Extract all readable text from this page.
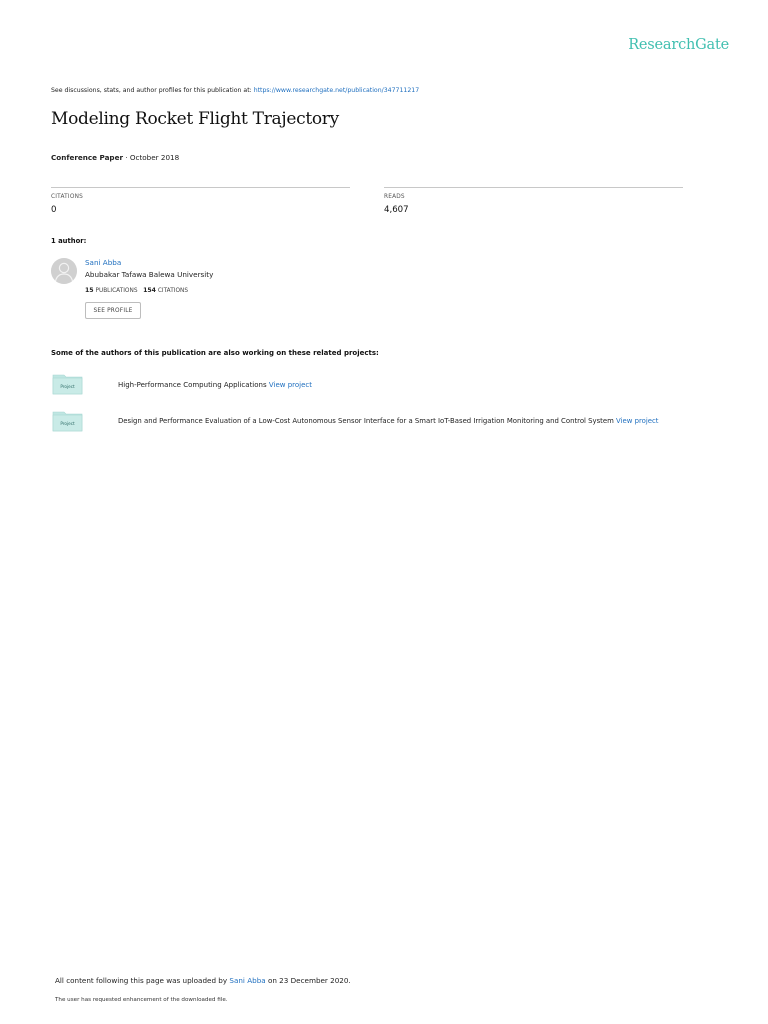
ResearchGate
See discussions, stats, and author profiles for this publication at: https://www.researchgate.net/publication/347711217
Modeling Rocket Flight Trajectory
Conference Paper · October 2018
CITATIONS
0
READS
4,607
1 author:
Sani Abba
Abubakar Tafawa Balewa University
15 PUBLICATIONS 154 CITATIONS
SEE PROFILE
Some of the authors of this publication are also working on these related projects:
Project	High-Performance Computing Applications View project
Project	Design and Performance Evaluation of a Low-Cost Autonomous Sensor Interface for a Smart IoT-Based Irrigation Monitoring and Control System View project
All content following this page was uploaded by Sani Abba on 23 December 2020.
The user has requested enhancement of the downloaded file.
